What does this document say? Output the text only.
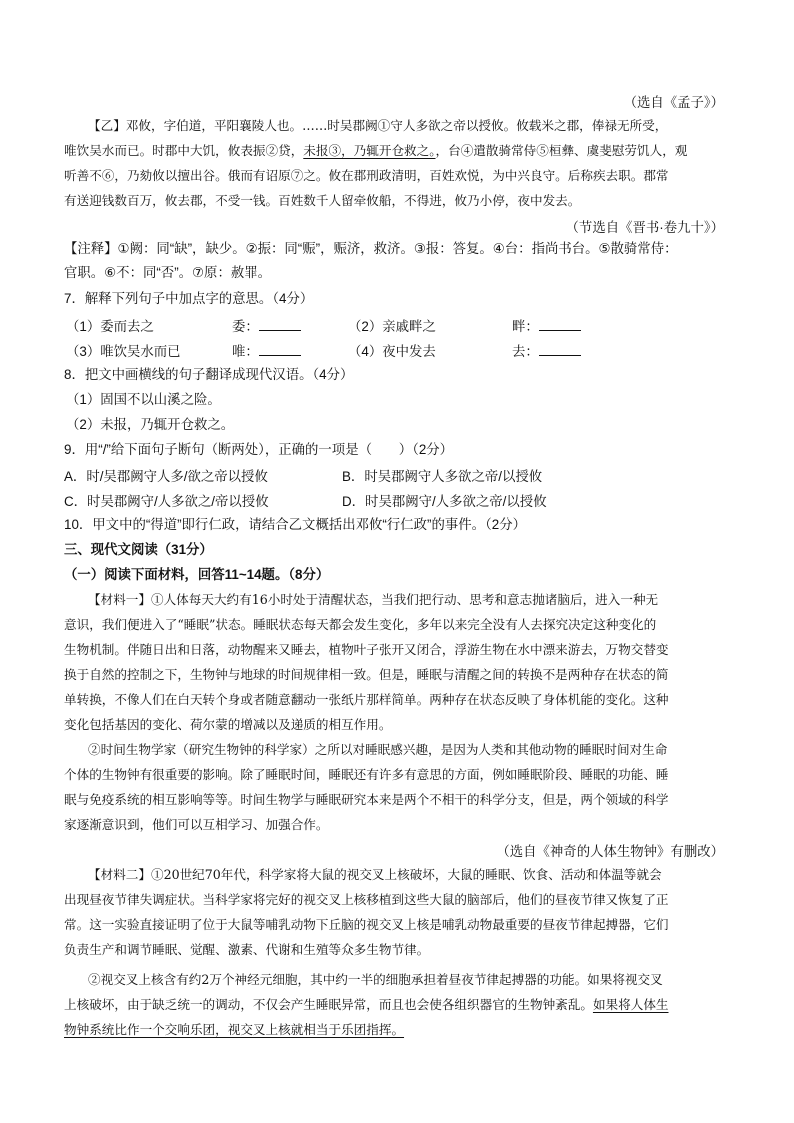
（选自《孟子》）
【乙】邓攸，字伯道，平阳襄陵人也。……时吴郡阙①守人多欲之帝以授攸。攸载米之郡，俸禄无所受，
唯饮吴水而已。时郡中大饥，攸表振②贷，未报③，乃辄开仓救之。，台④遣散骑常侍⑤桓彝、虞斐慰劳饥人，观
听善不⑥，乃劾攸以擅出谷。俄而有诏原⑦之。攸在郡刑政清明，百姓欢悦，为中兴良守。后称疾去职。郡常
有送迎钱数百万，攸去郡，不受一钱。百姓数千人留牵攸船，不得进，攸乃小停，夜中发去。
（节选自《晋书·卷九十》）
【注释】①阙：同“缺”，缺少。②振：同“赈”，赈济，救济。③报：答复。④台：指尚书台。⑤散骑常侍：
官职。⑥不：同“否”。⑦原：赦罪。
7．解释下列句子中加点字的意思。（4分）
（1）委而去之	委：	（2）亲戚畔之	畔：
（3）唯饮吴水而已	唯：	（4）夜中发去	去：
8．把文中画横线的句子翻译成现代汉语。（4分）
（1）固国不以山溪之险。
（2）未报，乃辄开仓救之。
9．用“/”给下面句子断句（断两处），正确的一项是（　　）（2分）
A．时/吴郡阙守人多/欲之帝以授攸	B．时吴郡阙守人多欲之帝/以授攸
C．时吴郡阙守/人多欲之/帝以授攸	D．时吴郡阙守/人多欲之帝/以授攸
10．甲文中的“得道”即行仁政，请结合乙文概括出邓攸“行仁政”的事件。（2分）
三、现代文阅读（31分）
（一）阅读下面材料，回答11~14题。（8分）
【材料一】①人体每天大约有16小时处于清醒状态，当我们把行动、思考和意志抛诸脑后，进入一种无
意识，我们便进入了“睡眠”状态。睡眠状态每天都会发生变化，多年以来完全没有人去探究决定这种变化的
生物机制。伴随日出和日落，动物醒来又睡去，植物叶子张开又闭合，浮游生物在水中漂来游去，万物交替变
换于自然的控制之下，生物钟与地球的时间规律相一致。但是，睡眠与清醒之间的转换不是两种存在状态的简
单转换，不像人们在白天转个身或者随意翻动一张纸片那样简单。两种存在状态反映了身体机能的变化。这种
变化包括基因的变化、荷尔蒙的增减以及递质的相互作用。
②时间生物学家（研究生物钟的科学家）之所以对睡眠感兴趣，是因为人类和其他动物的睡眠时间对生命
个体的生物钟有很重要的影响。除了睡眠时间，睡眠还有许多有意思的方面，例如睡眠阶段、睡眠的功能、睡
眠与免疫系统的相互影响等等。时间生物学与睡眠研究本来是两个不相干的科学分支，但是，两个领域的科学
家逐渐意识到，他们可以互相学习、加强合作。
（选自《神奇的人体生物钟》有删改）
【材料二】①20世纪70年代，科学家将大鼠的视交叉上核破坏，大鼠的睡眠、饮食、活动和体温等就会
出现昼夜节律失调症状。当科学家将完好的视交叉上核移植到这些大鼠的脑部后，他们的昼夜节律又恢复了正
常。这一实验直接证明了位于大鼠等哺乳动物下丘脑的视交叉上核是哺乳动物最重要的昼夜节律起搏器，它们
负责生产和调节睡眠、觉醒、激素、代谢和生殖等众多生物节律。
②视交叉上核含有约2万个神经元细胞，其中约一半的细胞承担着昼夜节律起搏器的功能。如果将视交叉
上核破坏，由于缺乏统一的调动，不仅会产生睡眠异常，而且也会使各组织器官的生物钟紊乱。如果将人体生
物钟系统比作一个交响乐团，视交叉上核就相当于乐团指挥。
